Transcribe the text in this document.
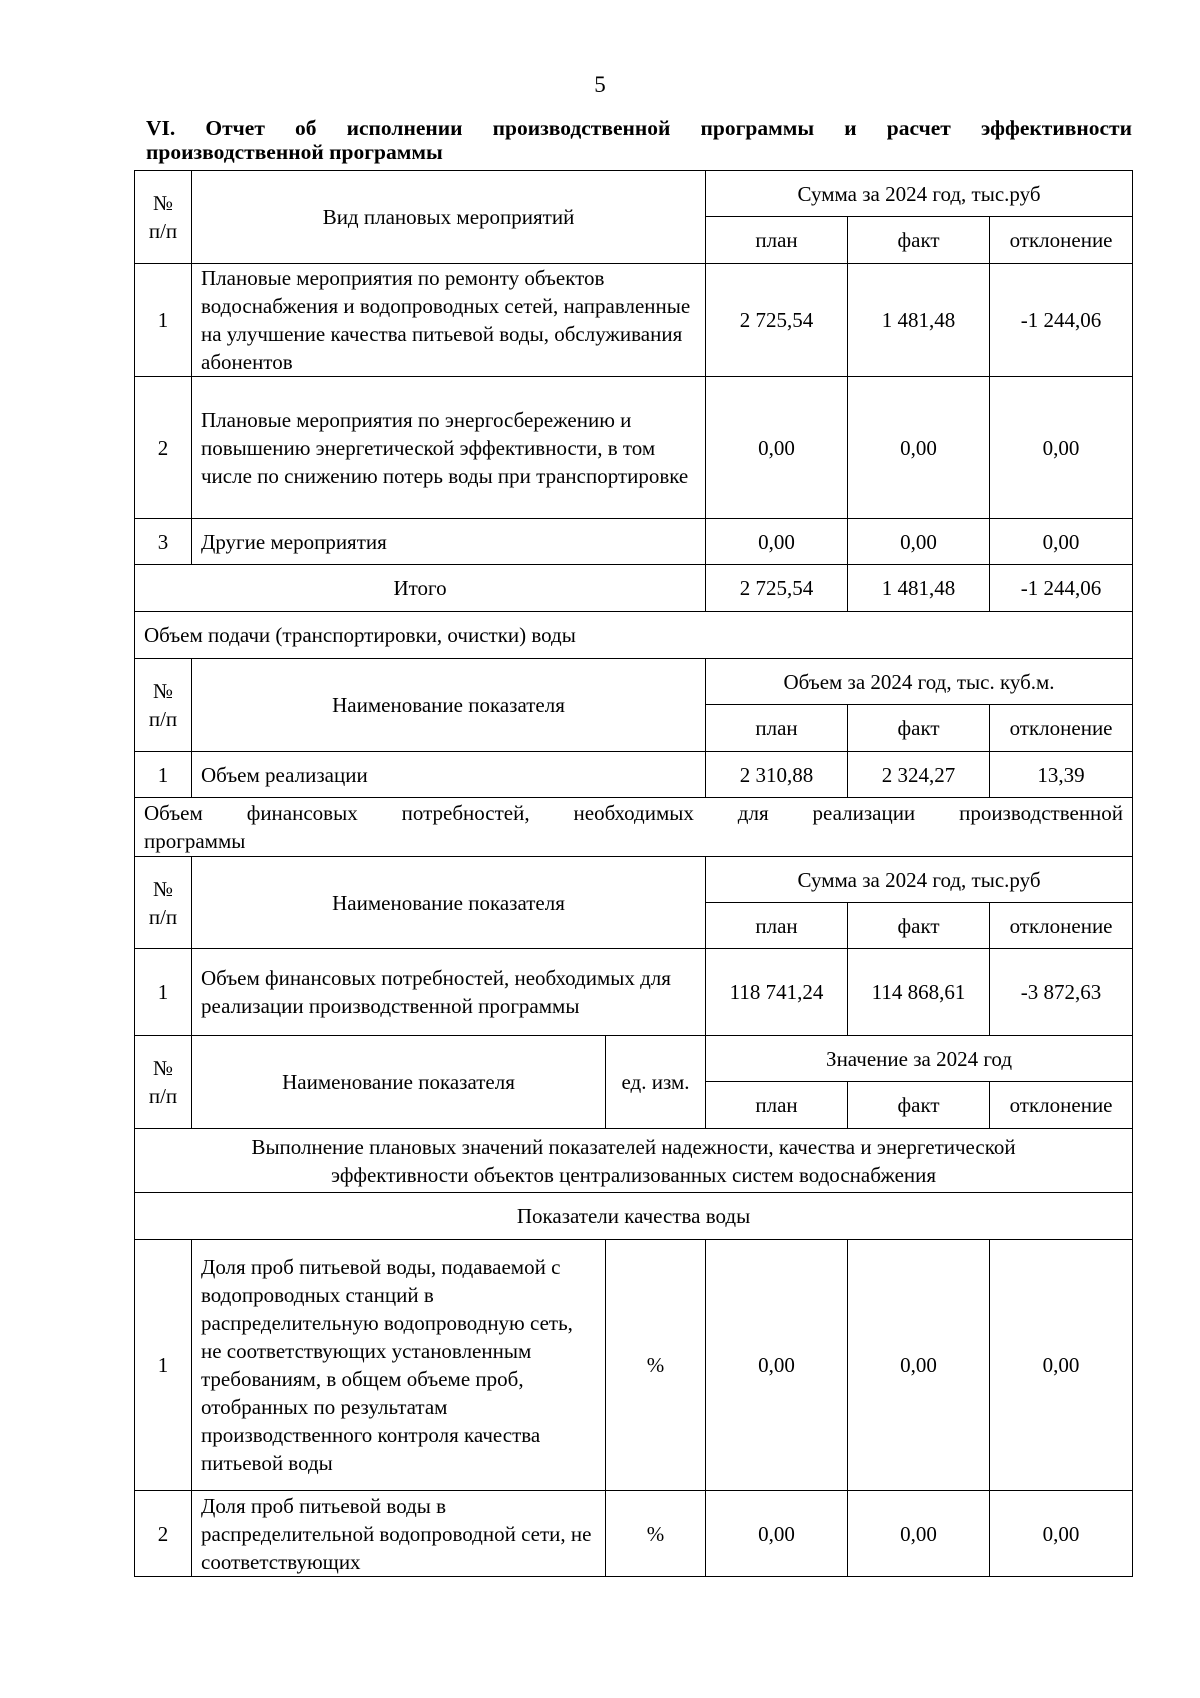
5

VI. Отчет об исполнении производственной программы и расчет эффективности
производственной программы

№ п/п	Вид плановых мероприятий		Сумма за 2024 год, тыс.руб		
			план	факт	отклонение
1	Плановые мероприятия по ремонту объектов водоснабжения и водопроводных сетей, направленные на улучшение качества питьевой воды, обслуживания абонентов		2 725,54	1 481,48	-1 244,06
2	Плановые мероприятия по энергосбережению и повышению энергетической эффективности, в том числе по снижению потерь воды при транспортировке		0,00	0,00	0,00
3	Другие мероприятия		0,00	0,00	0,00
Итого			2 725,54	1 481,48	-1 244,06
Объем подачи (транспортировки, очистки) воды					
№ п/п	Наименование показателя		Объем за 2024 год, тыс. куб.м.		
			план	факт	отклонение
1	Объем реализации		2 310,88	2 324,27	13,39

Объем финансовых потребностей, необходимых для реализации производственной
программы					

№ п/п	Наименование показателя		Сумма за 2024 год, тыс.руб		
			план	факт	отклонение
1	Объем финансовых потребностей, необходимых для реализации производственной программы		118 741,24	114 868,61	-3 872,63
№ п/п	Наименование показателя	ед. изм.	Значение за 2024 год		
			план	факт	отклонение
Выполнение плановых значений показателей надежности, качества и энергетической эффективности объектов централизованных систем водоснабжения					
Показатели качества воды					
1	Доля проб питьевой воды, подаваемой с водопроводных станций в распределительную водопроводную сеть, не соответствующих установленным требованиям, в общем объеме проб, отобранных по результатам производственного контроля качества питьевой воды	%	0,00	0,00	0,00
2	Доля проб питьевой воды в распределительной водопроводной сети, не соответствующих	%	0,00	0,00	0,00
